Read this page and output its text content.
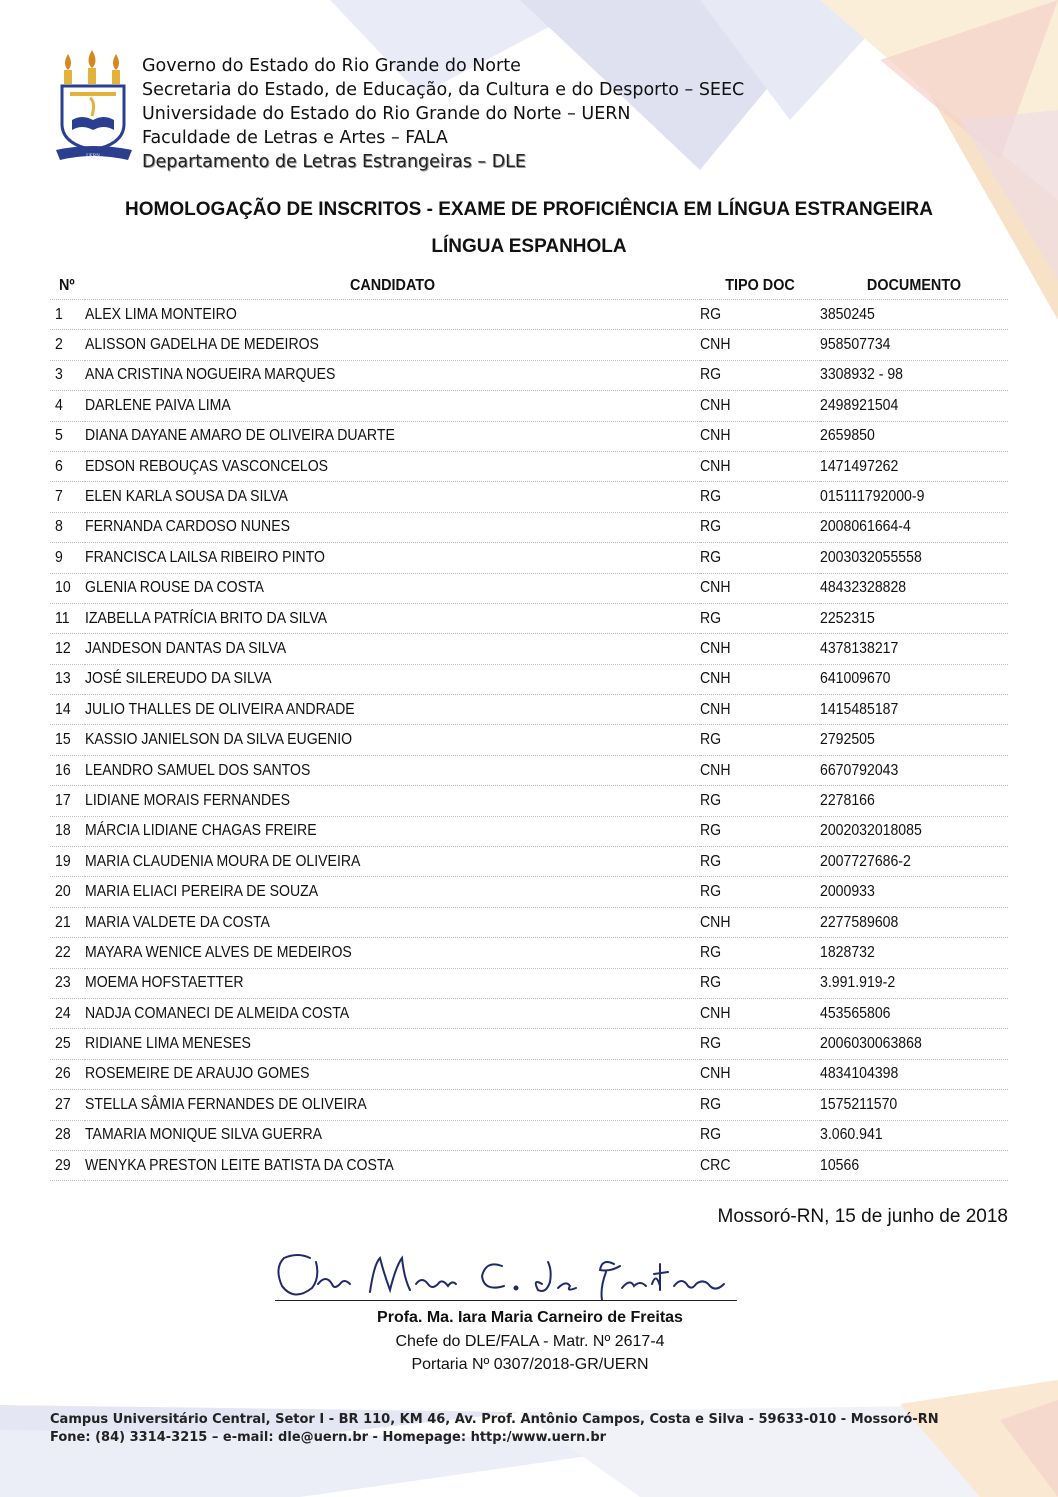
UERN
Governo do Estado do Rio Grande do Norte
Secretaria do Estado, de Educação, da Cultura e do Desporto – SEEC
Universidade do Estado do Rio Grande do Norte – UERN
Faculdade de Letras e Artes – FALA
Departamento de Letras Estrangeiras – DLE
HOMOLOGAÇÃO DE INSCRITOS - EXAME DE PROFICIÊNCIA EM LÍNGUA ESTRANGEIRA
LÍNGUA ESPANHOLA
Nº	CANDIDATO	TIPO DOC	DOCUMENTO
1	ALEX LIMA MONTEIRO	RG	3850245
2	ALISSON GADELHA DE MEDEIROS	CNH	958507734
3	ANA CRISTINA NOGUEIRA MARQUES	RG	3308932 - 98
4	DARLENE PAIVA LIMA	CNH	2498921504
5	DIANA DAYANE AMARO DE OLIVEIRA DUARTE	CNH	2659850
6	EDSON REBOUÇAS VASCONCELOS	CNH	1471497262
7	ELEN KARLA SOUSA DA SILVA	RG	015111792000-9
8	FERNANDA CARDOSO NUNES	RG	2008061664-4
9	FRANCISCA LAILSA RIBEIRO PINTO	RG	2003032055558
10	GLENIA ROUSE DA COSTA	CNH	48432328828
11	IZABELLA PATRÍCIA BRITO DA SILVA	RG	2252315
12	JANDESON DANTAS DA SILVA	CNH	4378138217
13	JOSÉ SILEREUDO DA SILVA	CNH	641009670
14	JULIO THALLES DE OLIVEIRA ANDRADE	CNH	1415485187
15	KASSIO JANIELSON DA SILVA EUGENIO	RG	2792505
16	LEANDRO SAMUEL DOS SANTOS	CNH	6670792043
17	LIDIANE MORAIS FERNANDES	RG	2278166
18	MÁRCIA LIDIANE CHAGAS FREIRE	RG	2002032018085
19	MARIA CLAUDENIA MOURA DE OLIVEIRA	RG	2007727686-2
20	MARIA ELIACI PEREIRA DE SOUZA	RG	2000933
21	MARIA VALDETE DA COSTA	CNH	2277589608
22	MAYARA WENICE ALVES DE MEDEIROS	RG	1828732
23	MOEMA HOFSTAETTER	RG	3.991.919-2
24	NADJA COMANECI DE ALMEIDA COSTA	CNH	453565806
25	RIDIANE LIMA MENESES	RG	2006030063868
26	ROSEMEIRE DE ARAUJO GOMES	CNH	4834104398
27	STELLA SÂMIA FERNANDES DE OLIVEIRA	RG	1575211570
28	TAMARIA MONIQUE SILVA GUERRA	RG	3.060.941
29	WENYKA PRESTON LEITE BATISTA DA COSTA	CRC	10566
Mossoró-RN, 15 de junho de 2018
Profa. Ma. Iara Maria Carneiro de Freitas
Chefe do DLE/FALA - Matr. Nº 2617-4
Portaria Nº 0307/2018-GR/UERN
Campus Universitário Central, Setor I - BR 110, KM 46, Av. Prof. Antônio Campos, Costa e Silva - 59633-010 - Mossoró-RN
Fone: (84) 3314-3215 – e-mail: dle@uern.br - Homepage: http:/www.uern.br
